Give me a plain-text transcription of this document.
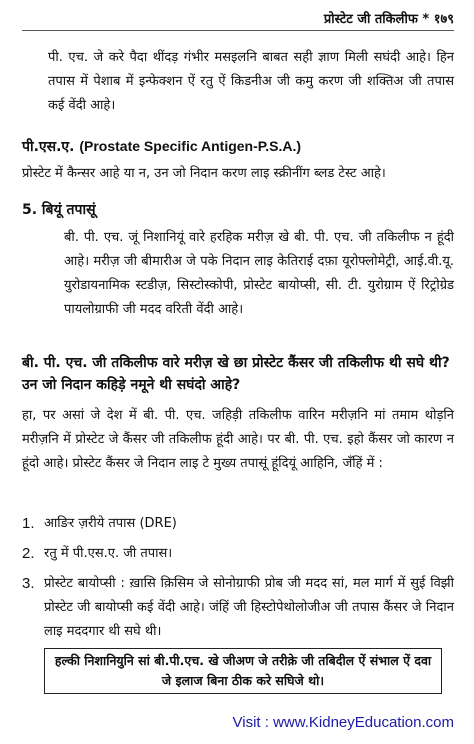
प्रोस्टेट जी तकिलीफ * १७९
पी. एच. जे करे पैदा थींदड़ गंभीर मसइलनि बाबत सही ज्ञाण मिली सघंदी आहे। हिन तपास में पेशाब में इन्फेक्शन ऐं रतु ऐं किडनीअ जी कमु करण जी शक्तिअ जी तपास कई वेंदी आहे।
पी.एस.ए. (Prostate Specific Antigen-P.S.A.)
प्रोस्टेट में कैन्सर आहे या न, उन जो निदान करण लाइ स्क्रीनींग ब्लड टेस्ट आहे।
5. बियूं तपासूं
बी. पी. एच. जूं निशानियूं वारे हरहिक मरीज़ खे बी. पी. एच. जी तकिलीफ न हूंदी आहे। मरीज़ जी बीमारीअ जे पके निदान लाइ केतिराई दफ़ा यूरोफ्लोमेट्री, आई.वी.यू. युरोडायनामिक स्टडीज़, सिस्टोस्कोपी, प्रोस्टेट बायोप्सी, सी. टी. युरोग्राम ऐं रिट्रोग्रेड पायलोग्राफी जी मदद वरिती वेंदी आहे।
बी. पी. एच. जी तकिलीफ वारे मरीज़ खे छा प्रोस्टेट कैंसर जी तकिलीफ थी सघे थी? उन जो निदान कहिड़े नमूने थी सघंदो आहे?
हा, पर असां जे देश में बी. पी. एच. जहिड़ी तकिलीफ वारिन मरीज़नि मां तमाम थोड़नि मरीज़नि में प्रोस्टेट जे कैंसर जी तकिलीफ हूंदी आहे। पर बी. पी. एच. इहो कैंसर जो कारण न हूंदो आहे। प्रोस्टेट कैंसर जे निदान लाइ टे मुख्य तपासूं हूंदियूं आहिनि, जँहिं में :
1. आङिर ज़रीये तपास (DRE)
2. रतु में पी.एस.ए. जी तपास।
3. प्रोस्टेट बायोप्सी : ख़ासि क़िसिम जे सोनोग्राफी प्रोब जी मदद सां, मल मार्ग में सुई विझी प्रोस्टेट जी बायोप्सी कई वेंदी आहे। जंहिं जी हिस्टोपेथोलोजीअ जी तपास कैंसर जे निदान लाइ मददगार थी सघे थी।
हल्की निशानियुनि सां बी.पी.एच. खे जीअण जे तरीक़े जी तबिदील ऐं संभाल ऐं दवा जे इलाज बिना ठीक करे सघिजे थो।
Visit : www.KidneyEducation.com
